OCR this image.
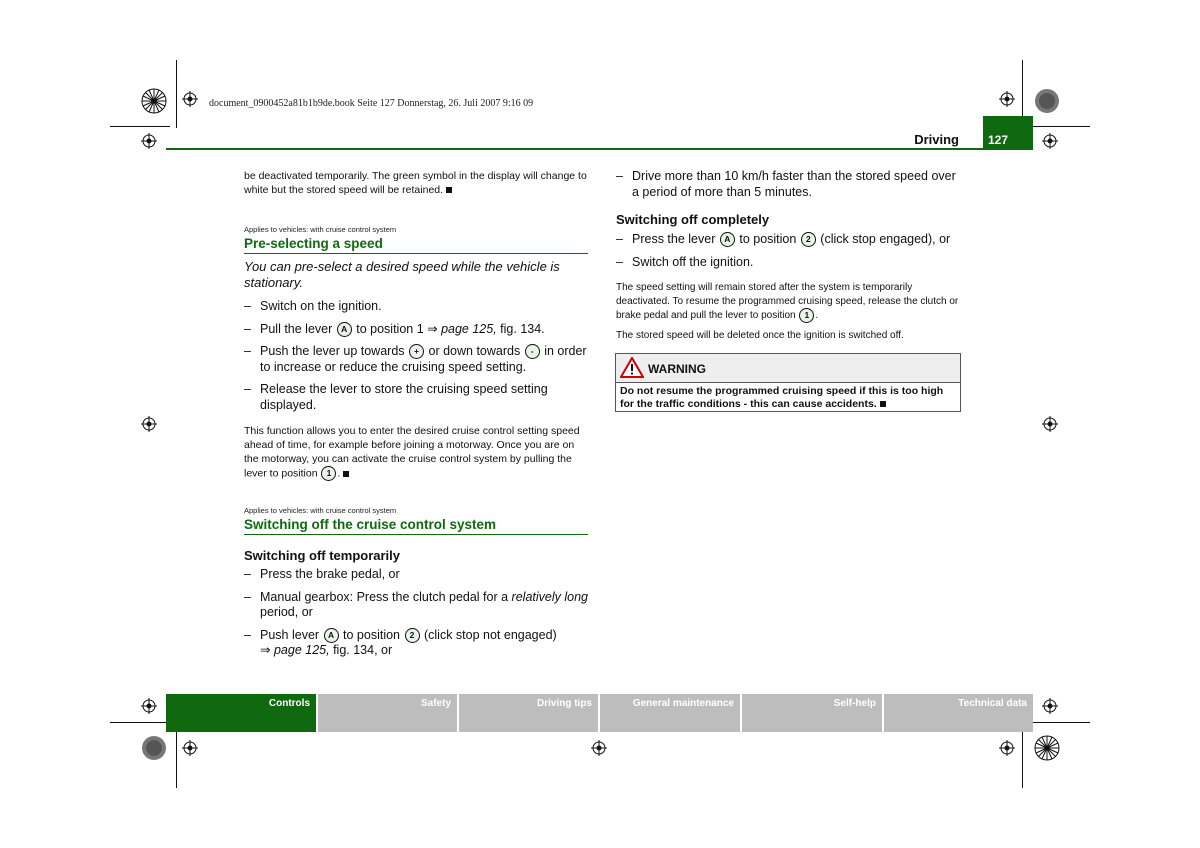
document_0900452a81b1b9de.book Seite 127 Donnerstag, 26. Juli 2007 9:16 09
Driving 127
be deactivated temporarily. The green symbol in the display will change to white but the stored speed will be retained.
Applies to vehicles: with cruise control system
Pre-selecting a speed
You can pre-select a desired speed while the vehicle is stationary.
– Switch on the ignition.
– Pull the lever A to position 1 ⇒ page 125, fig. 134.
– Push the lever up towards + or down towards - in order to increase or reduce the cruising speed setting.
– Release the lever to store the cruising speed setting displayed.
This function allows you to enter the desired cruise control setting speed ahead of time, for example before joining a motorway. Once you are on the motorway, you can activate the cruise control system by pulling the lever to position 1 .
Applies to vehicles: with cruise control system
Switching off the cruise control system
Switching off temporarily
– Press the brake pedal, or
– Manual gearbox: Press the clutch pedal for a relatively long period, or
– Push lever A to position 2 (click stop not engaged)
⇒ page 125, fig. 134, or
– Drive more than 10 km/h faster than the stored speed over a period of more than 5 minutes.
Switching off completely
– Press the lever A to position 2 (click stop engaged), or
– Switch off the ignition.
The speed setting will remain stored after the system is temporarily deactivated. To resume the programmed cruising speed, release the clutch or brake pedal and pull the lever to position 1 .
The stored speed will be deleted once the ignition is switched off.
WARNING
Do not resume the programmed cruising speed if this is too high for the traffic conditions - this can cause accidents.
Controls	Safety	Driving tips	General maintenance	Self-help	Technical data
